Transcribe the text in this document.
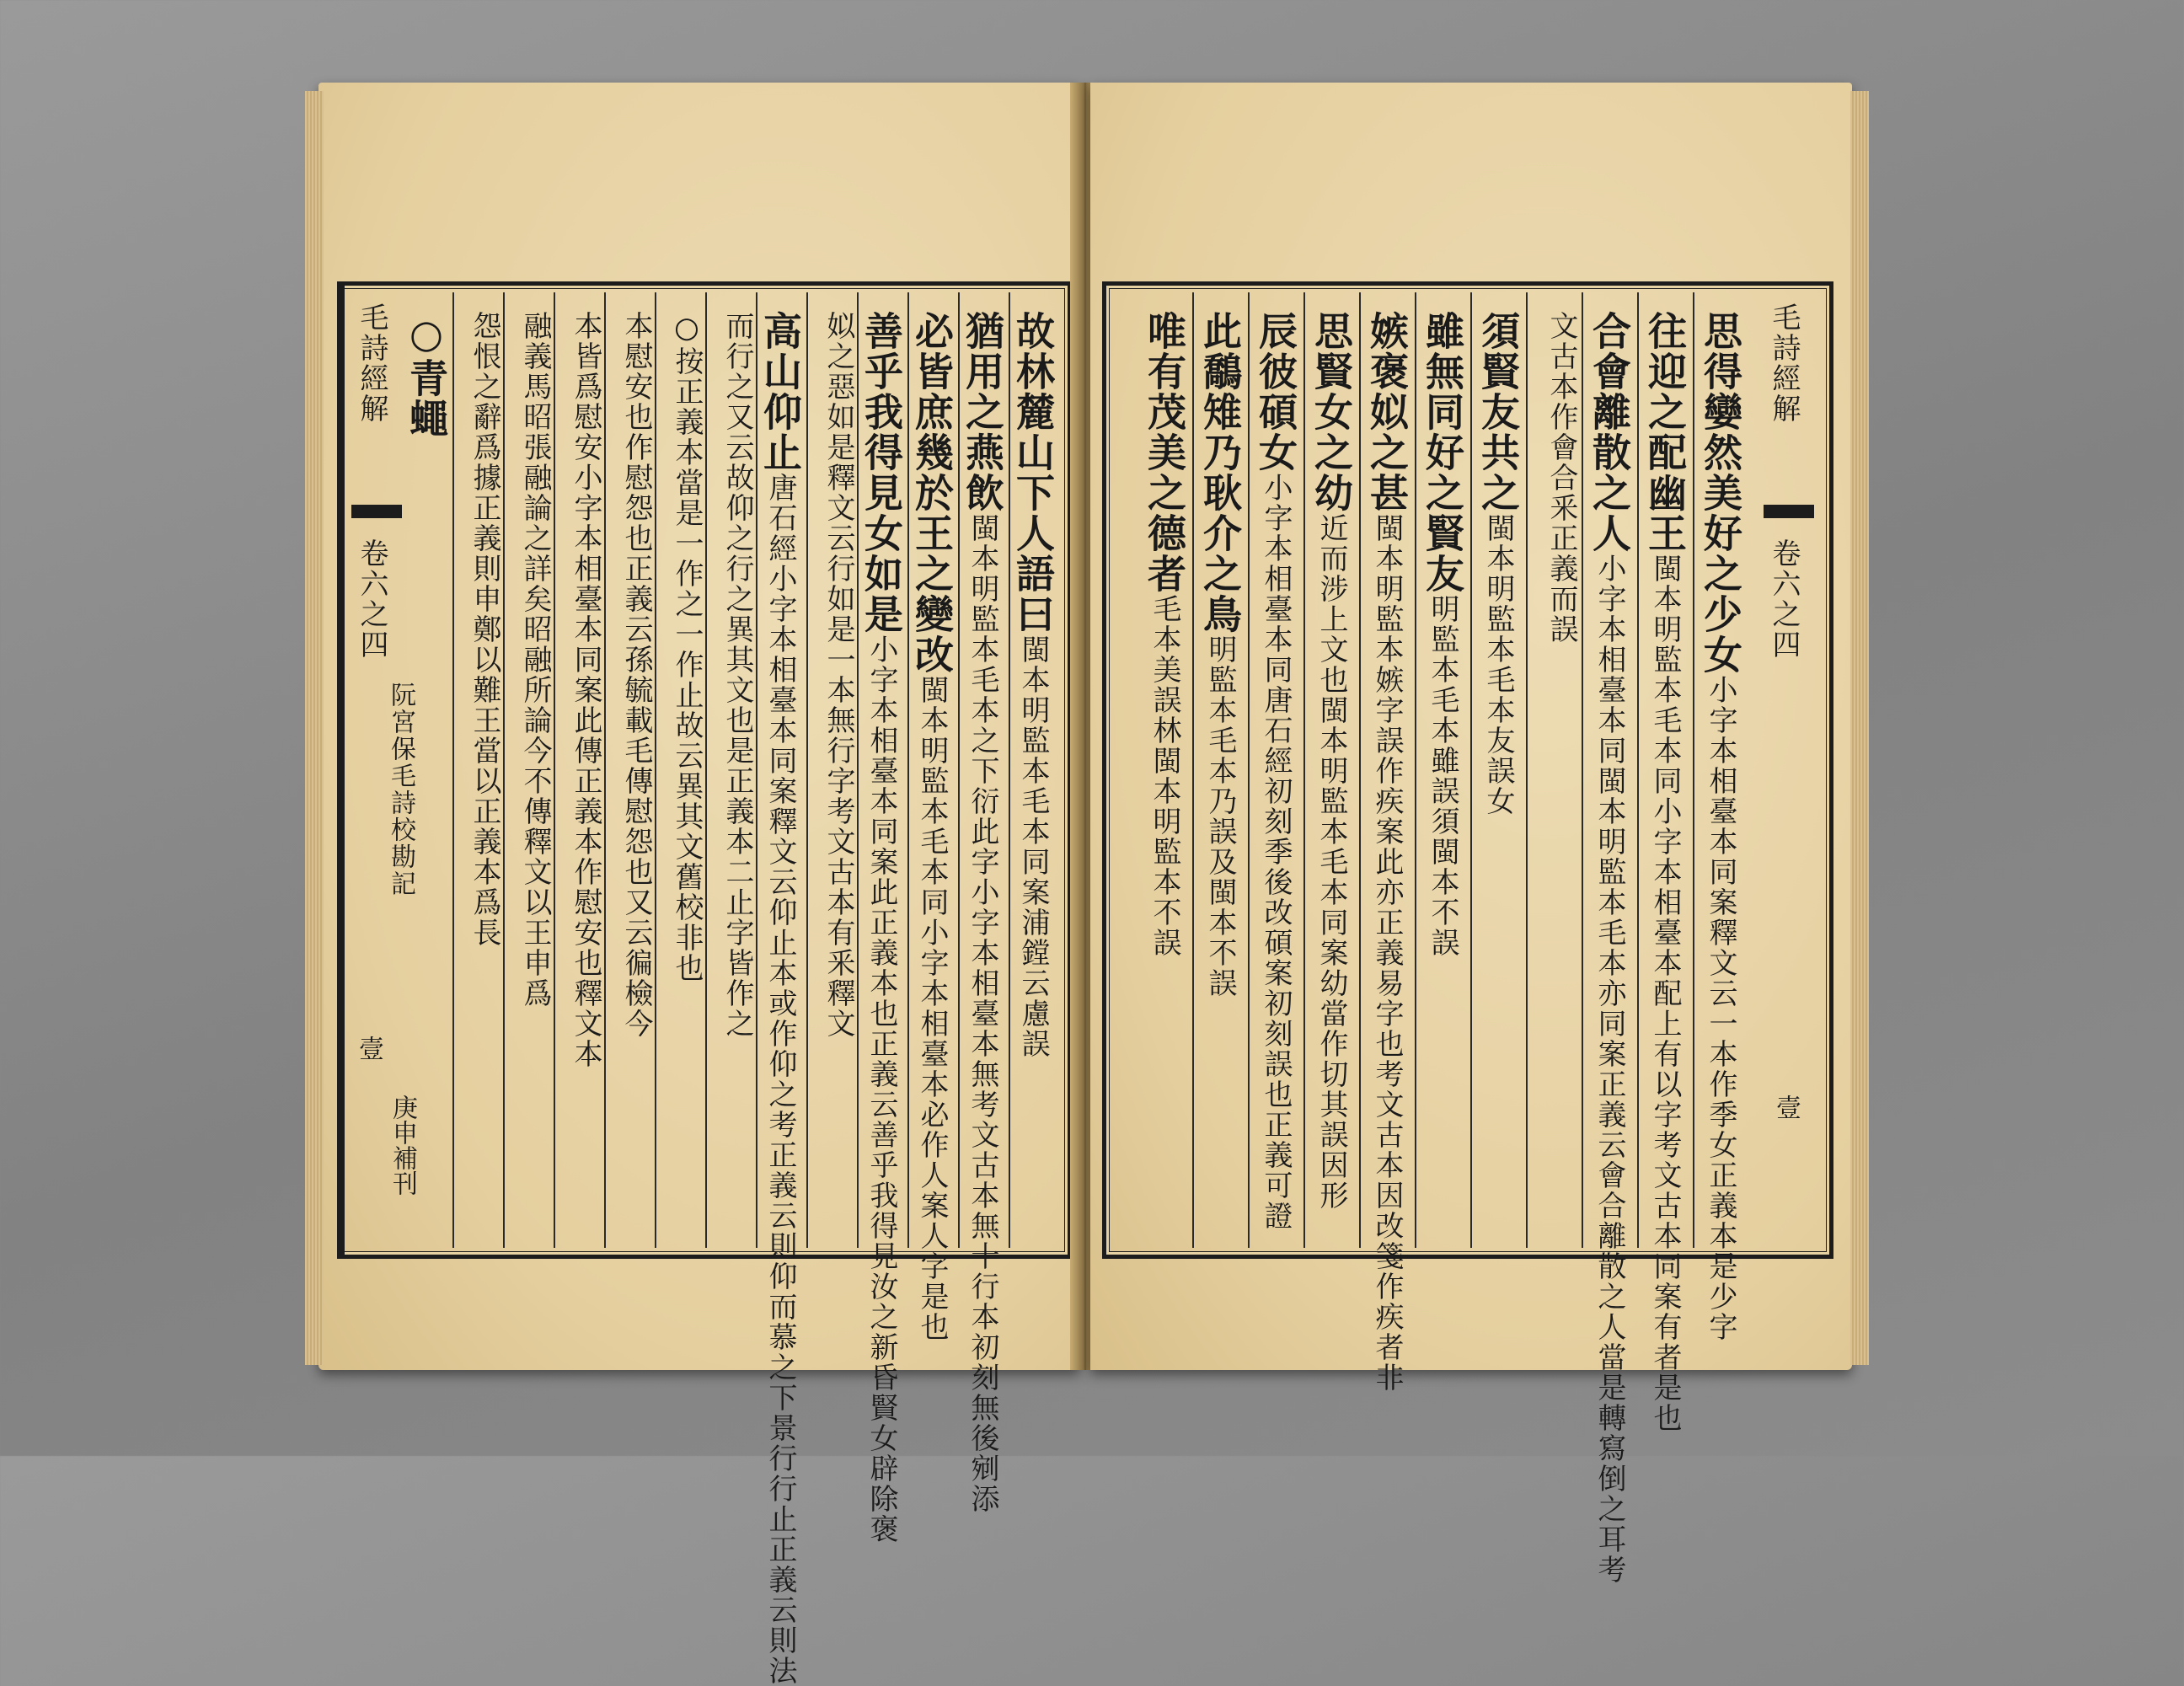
故林麓山下人語曰閩本明監本毛本同案浦鏜云慮誤
猶用之燕飲閩本明監本毛本之下衍此字小字本相臺本無考文古本無十行本初刻無後剜添
必皆庶幾於王之變改閩本明監本毛本同小字本相臺本必作人案人字是也
善乎我得見女如是小字本相臺本同案此正義本也正義云善乎我得見汝之新昏賢女辟除褒
姒之惡如是釋文云行如是一本無行字考文古本有釆釋文
高山仰止唐石經小字本相臺本同案釋文云仰止本或作仰之考正義云則仰而慕之下景行行止正義云則法
而行之又云故仰之行之異其文也是正義本二止字皆作之
○按正義本當是一作之一作止故云異其文舊校非也
本慰安也作慰怨也正義云孫毓載毛傳慰怨也又云徧檢今
本皆爲慰安小字本相臺本同案此傳正義本作慰安也釋文本
融義馬昭張融論之詳矣昭融所論今不傳釋文以王申爲
怨恨之辭爲據正義則申鄭以難王當以正義本爲長
○青蠅
毛詩經解
卷六之四
阮宮保毛詩校勘記
壹
庚申補刊
思得孌然美好之少女小字本相臺本同案釋文云一本作季女正義本是少字
往迎之配幽王閩本明監本毛本同小字本相臺本配上有以字考文古本同案有者是也
合會離散之人小字本相臺本同閩本明監本毛本亦同案正義云會合離散之人當是轉寫倒之耳考
文古本作會合釆正義而誤
須賢友共之閩本明監本毛本友誤女
雖無同好之賢友明監本毛本雖誤須閩本不誤
嫉褒姒之甚閩本明監本嫉字誤作疾案此亦正義易字也考文古本因改箋作疾者非
思賢女之幼近而涉上文也閩本明監本毛本同案幼當作切其誤因形
辰彼碩女小字本相臺本同唐石經初刻季後改碩案初刻誤也正義可證
此鷮雉乃耿介之鳥明監本毛本乃誤及閩本不誤
唯有茂美之德者毛本美誤林閩本明監本不誤
毛詩經解
卷六之四
壹
